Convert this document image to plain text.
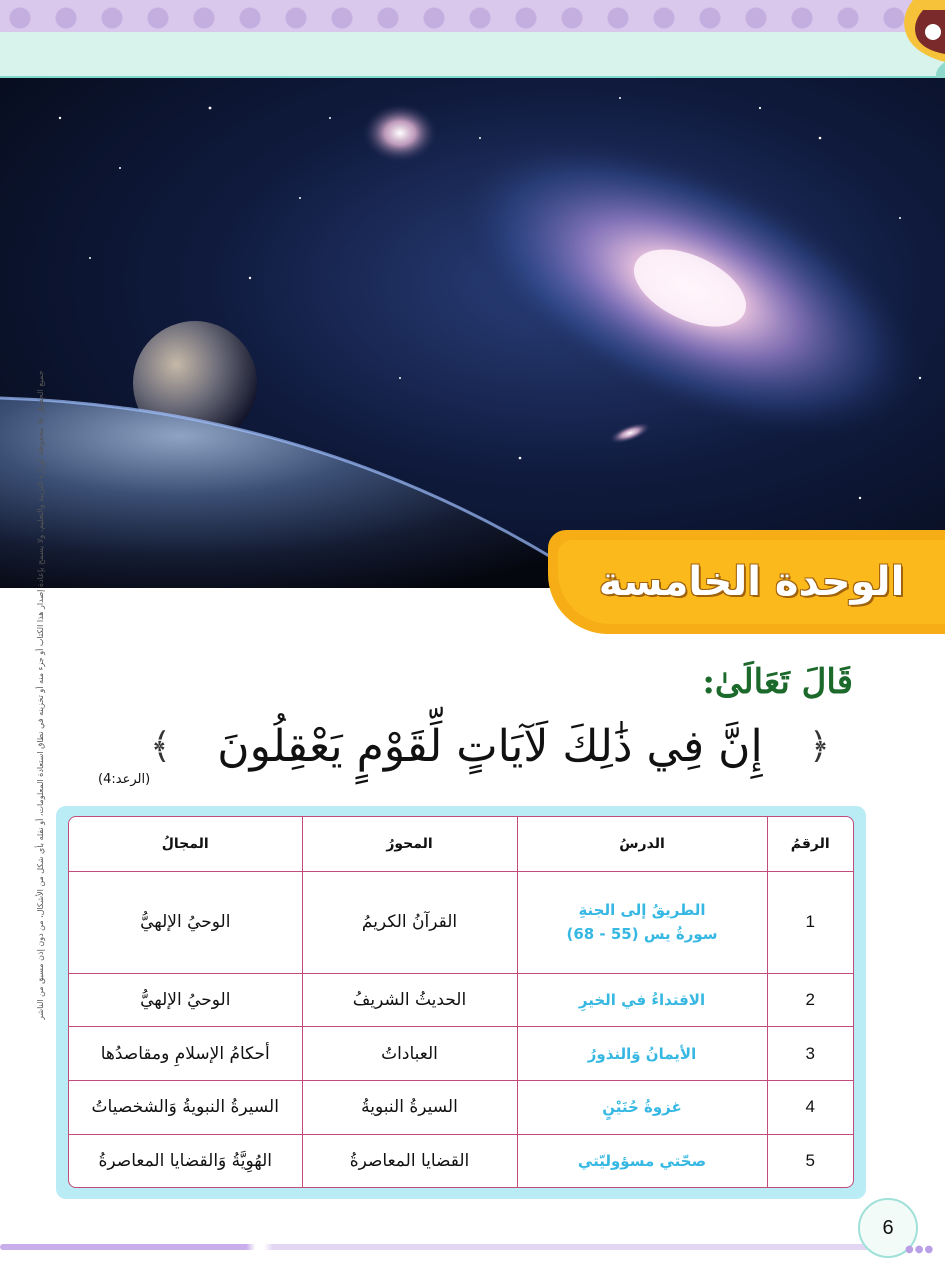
جميع الحقوق © محفوظة لوزارة التربية والتعليم، ولا يسمح بإعادة إصدار هذا الكتاب أو جزء منه أو تخزينه في نطاق استعادة المعلومات، أو نقله بأي شكل من الأشكال، من دون إذن مسبق من الناشر	الوحدة الخامسة
قَالَ تَعَالَىٰ:
﴾ إِنَّ فِي ذَٰلِكَ لَآيَاتٍ لِّقَوْمٍ يَعْقِلُونَ ﴿
(الرعد:4)
الرقمُ	الدرسُ	المحورُ	المجالُ
1	الطريقُ إلى الجنةِ
سورةُ يس (55 - 68)	القرآنُ الكريمُ	الوحيُ الإلهيُّ
2	الاقتداءُ في الخيرِ	الحديثُ الشريفُ	الوحيُ الإلهيُّ
3	الأيمانُ وَالنذورُ	العباداتُ	أحكامُ الإسلامِ ومقاصدُها
4	غزوةُ حُنَيْنٍ	السيرةُ النبويةُ	السيرةُ النبويةُ وَالشخصياتُ
5	صحّتي مسؤوليّتي	القضايا المعاصرةُ	الهُوِيَّةُ وَالقضايا المعاصرةُ
6
●●●
